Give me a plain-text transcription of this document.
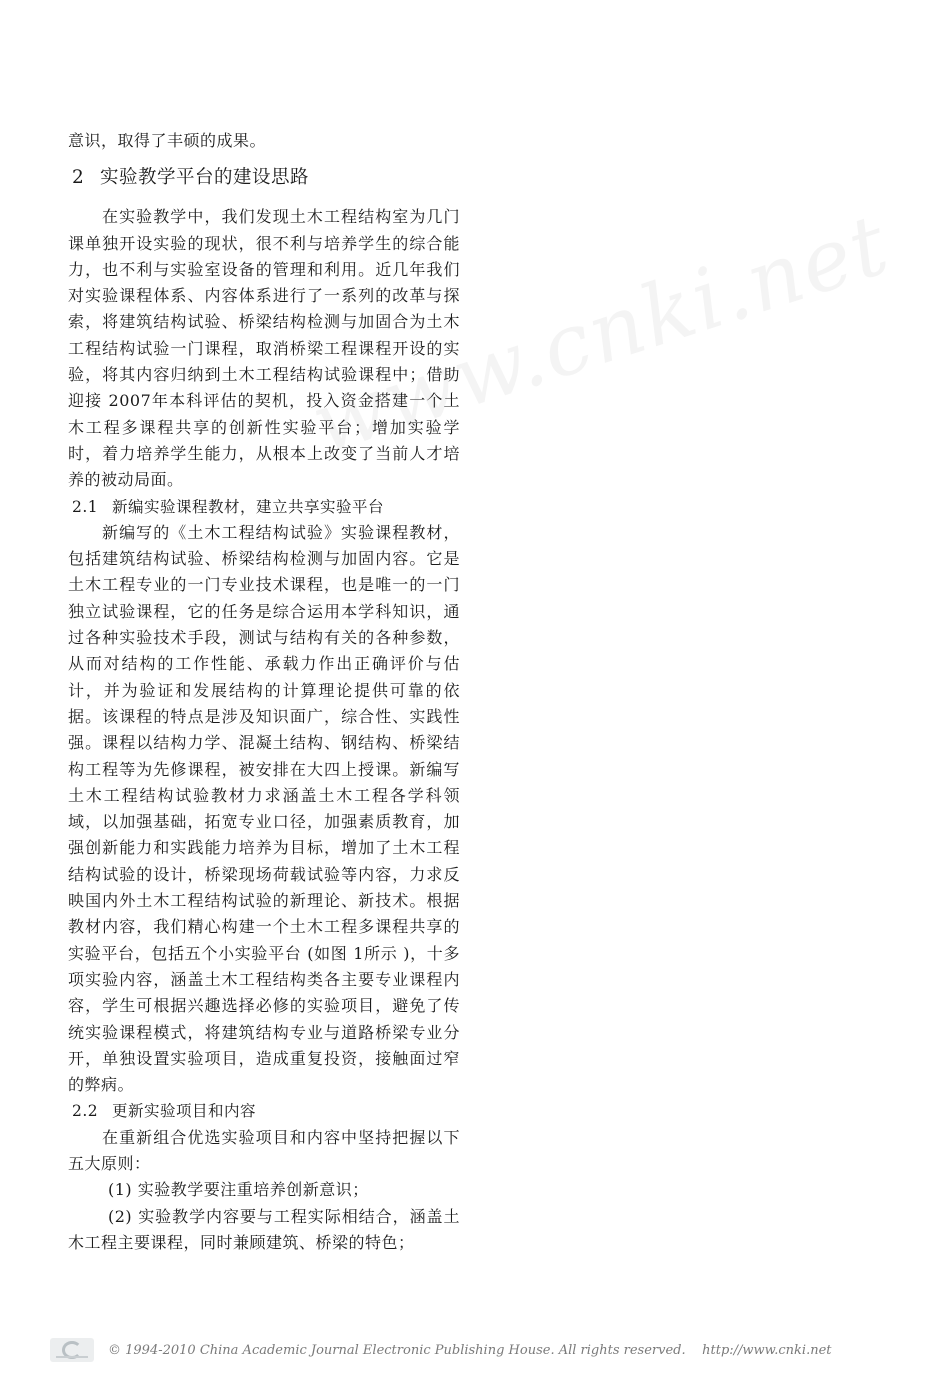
意识，取得了丰硕的成果。

2 实验教学平台的建设思路

在实验教学中，我们发现土木工程结构室为几门课单独开设实验的现状，很不利与培养学生的综合能力，也不利与实验室设备的管理和利用。近几年我们对实验课程体系、内容体系进行了一系列的改革与探索，将建筑结构试验、桥梁结构检测与加固合为土木工程结构试验一门课程，取消桥梁工程课程开设的实验，将其内容归纳到土木工程结构试验课程中；借助迎接 2007年本科评估的契机，投入资金搭建一个土木工程多课程共享的创新性实验平台；增加实验学时，着力培养学生能力，从根本上改变了当前人才培养的被动局面。

2.1 新编实验课程教材，建立共享实验平台

新编写的《土木工程结构试验》实验课程教材，包括建筑结构试验、桥梁结构检测与加固内容。它是土木工程专业的一门专业技术课程，也是唯一的一门独立试验课程，它的任务是综合运用本学科知识，通过各种实验技术手段，测试与结构有关的各种参数，从而对结构的工作性能、承载力作出正确评价与估计，并为验证和发展结构的计算理论提供可靠的依据。该课程的特点是涉及知识面广，综合性、实践性强。课程以结构力学、混凝土结构、钢结构、桥梁结构工程等为先修课程，被安排在大四上授课。新编写土木工程结构试验教材力求涵盖土木工程各学科领域，以加强基础，拓宽专业口径，加强素质教育，加强创新能力和实践能力培养为目标，增加了土木工程结构试验的设计，桥梁现场荷载试验等内容，力求反映国内外土木工程结构试验的新理论、新技术。根据教材内容，我们精心构建一个土木工程多课程共享的实验平台，包括五个小实验平台 (如图 1所示 )，十多项实验内容，涵盖土木工程结构类各主要专业课程内容，学生可根据兴趣选择必修的实验项目，避免了传统实验课程模式，将建筑结构专业与道路桥梁专业分开，单独设置实验项目，造成重复投资，接触面过窄的弊病。

2.2 更新实验项目和内容

在重新组合优选实验项目和内容中坚持把握以下五大原则：

(1) 实验教学要注重培养创新意识；

(2) 实验教学内容要与工程实际相结合，涵盖土木工程主要课程，同时兼顾建筑、桥梁的特色；

© 1994-2010 China Academic Journal Electronic Publishing House. All rights reserved.    http://www.cnki.net
